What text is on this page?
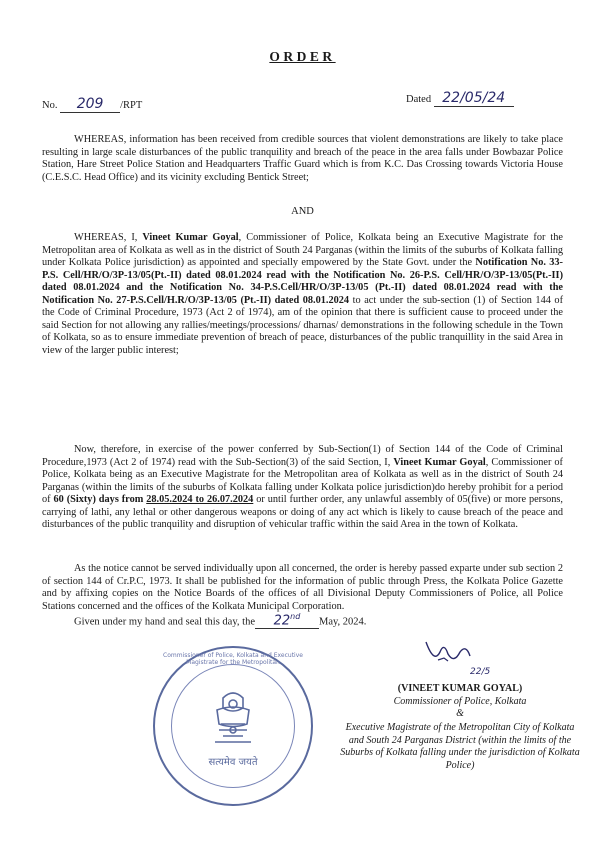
ORDER
No. 209 /RPT
Dated 22/05/24

WHEREAS, information has been received from credible sources that violent demonstrations are likely to take place resulting in large scale disturbances of the public tranquility and breach of the peace in the area falls under Bowbazar Police Station, Hare Street Police Station and Headquarters Traffic Guard which is from K.C. Das Crossing towards Victoria House (C.E.S.C. Head Office) and its vicinity excluding Bentick Street;

AND

WHEREAS, I, Vineet Kumar Goyal, Commissioner of Police, Kolkata being an Executive Magistrate for the Metropolitan area of Kolkata as well as in the district of South 24 Parganas (within the limits of the suburbs of Kolkata falling under Kolkata Police jurisdiction) as appointed and specially empowered by the State Govt. under the Notification No. 33-P.S. Cell/HR/O/3P-13/05(Pt.-II) dated 08.01.2024 read with the Notification No. 26-P.S. Cell/HR/O/3P-13/05(Pt.-II) dated 08.01.2024 and the Notification No. 34-P.S.Cell/HR/O/3P-13/05 (Pt.-II) dated 08.01.2024 read with the Notification No. 27-P.S.Cell/H.R/O/3P-13/05 (Pt.-II) dated 08.01.2024 to act under the sub-section (1) of Section 144 of the Code of Criminal Procedure, 1973 (Act 2 of 1974), am of the opinion that there is sufficient cause to proceed under the said Section for not allowing any rallies/meetings/processions/ dharnas/ demonstrations in the following schedule in the Town of Kolkata, so as to ensure immediate prevention of breach of peace, disturbances of the public tranquillity in the said Area in view of the larger public interest;

Now, therefore, in exercise of the power conferred by Sub-Section(1) of Section 144 of the Code of Criminal Procedure,1973 (Act 2 of 1974) read with the Sub-Section(3) of the said Section, I, Vineet Kumar Goyal, Commissioner of Police, Kolkata being as an Executive Magistrate for the Metropolitan area of Kolkata as well as in the district of South 24 Parganas (within the limits of the suburbs of Kolkata falling under Kolkata police jurisdiction)do hereby prohibit for a period of 60 (Sixty) days from 28.05.2024 to 26.07.2024 or until further order, any unlawful assembly of 05(five) or more persons, carrying of lathi, any lethal or other dangerous weapons or doing of any act which is likely to cause breach of the peace and disturbances of the public tranquility and disruption of vehicular traffic within the said Area in the town of Kolkata.

As the notice cannot be served individually upon all concerned, the order is hereby passed exparte under sub section 2 of section 144 of Cr.P.C, 1973. It shall be published for the information of public through Press, the Kolkata Police Gazette and by affixing copies on the Notice Boards of the offices of all Divisional Deputy Commissioners of Police, all Police Stations concerned and the offices of the Kolkata Municipal Corporation.

Given under my hand and seal this day, the 22nd May, 2024.
Commissioner of Police, Kolkata and Executive Magistrate for the Metropolitan
सत्यमेव जयते
22/5
(VINEET KUMAR GOYAL)
Commissioner of Police, Kolkata
&
Executive Magistrate of the Metropolitan City of Kolkata and South 24 Parganas District (within the limits of the Suburbs of Kolkata falling under the jurisdiction of Kolkata Police)
